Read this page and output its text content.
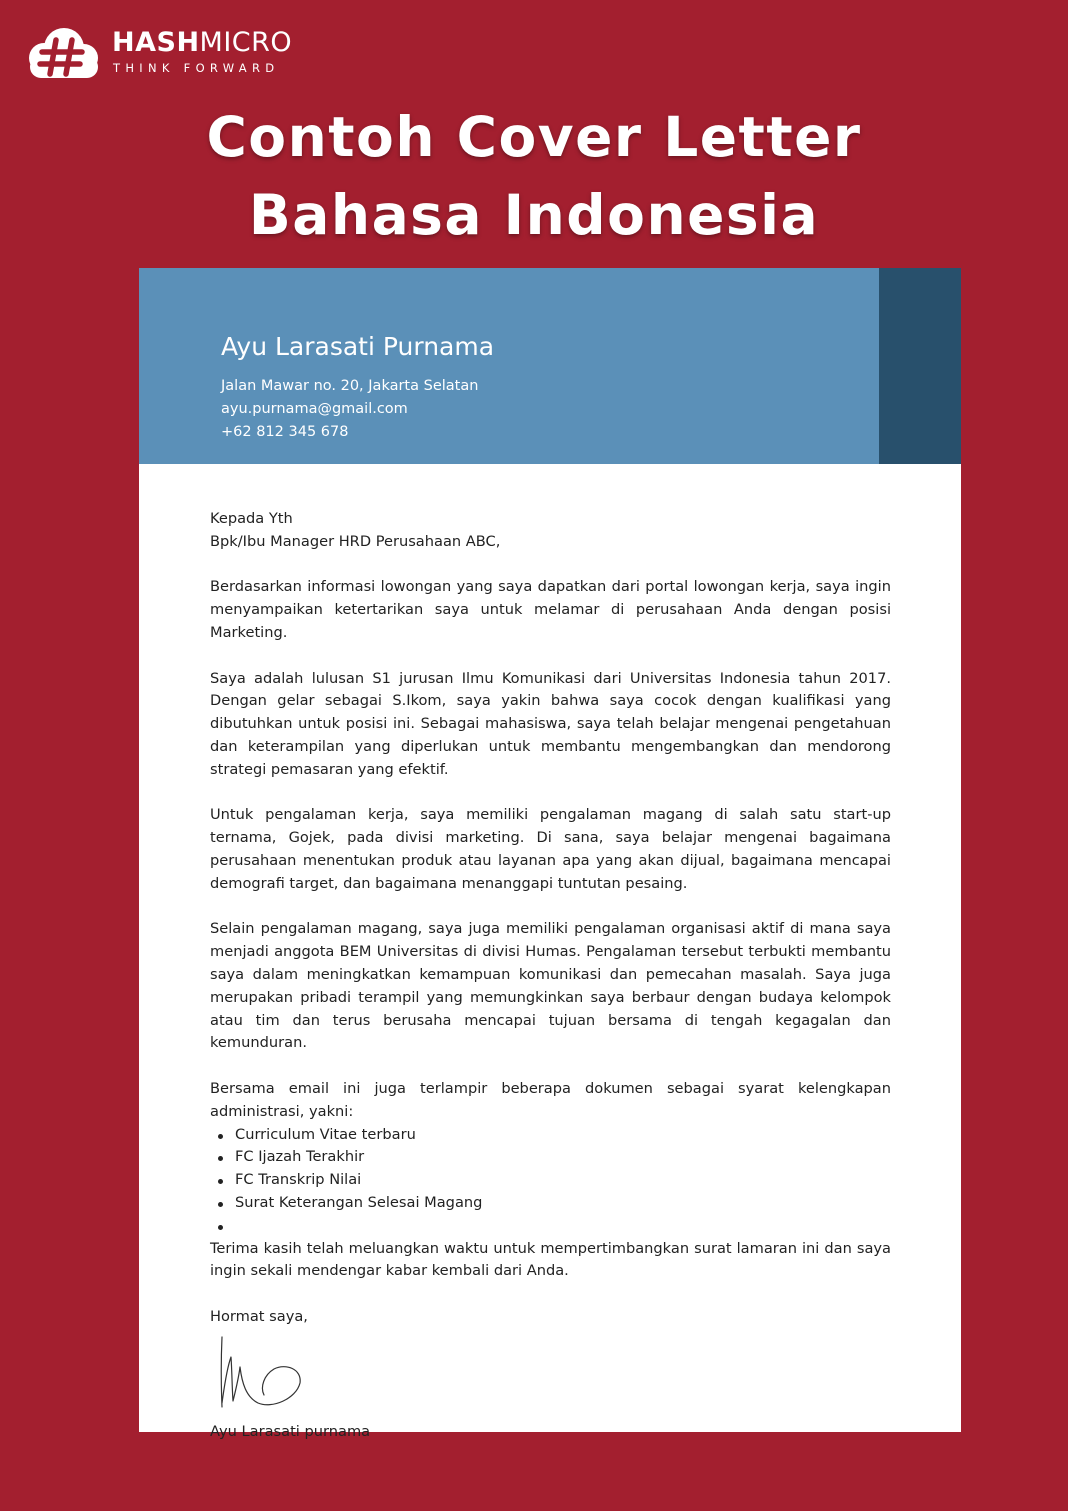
HASHMICRO
THINK FORWARD
Contoh Cover Letter
Bahasa Indonesia
Ayu Larasati Purnama
Jalan Mawar no. 20, Jakarta Selatan
ayu.purnama@gmail.com
+62 812 345 678

Kepada Yth

Bpk/Ibu Manager HRD Perusahaan ABC,

Berdasarkan informasi lowongan yang saya dapatkan dari portal lowongan kerja, saya ingin menyampaikan ketertarikan saya untuk melamar di perusahaan Anda dengan posisi Marketing.

Saya adalah lulusan S1 jurusan Ilmu Komunikasi dari Universitas Indonesia tahun 2017. Dengan gelar sebagai S.Ikom, saya yakin bahwa saya cocok dengan kualifikasi yang dibutuhkan untuk posisi ini. Sebagai mahasiswa, saya telah belajar mengenai pengetahuan dan keterampilan yang diperlukan untuk membantu mengembangkan dan mendorong strategi pemasaran yang efektif.

Untuk pengalaman kerja, saya memiliki pengalaman magang di salah satu start-up ternama, Gojek, pada divisi marketing. Di sana, saya belajar mengenai bagaimana perusahaan menentukan produk atau layanan apa yang akan dijual, bagaimana mencapai demografi target, dan bagaimana menanggapi tuntutan pesaing.

Selain pengalaman magang, saya juga memiliki pengalaman organisasi aktif di mana saya menjadi anggota BEM Universitas di divisi Humas. Pengalaman tersebut terbukti membantu saya dalam meningkatkan kemampuan komunikasi dan pemecahan masalah. Saya juga merupakan pribadi terampil yang memungkinkan saya berbaur dengan budaya kelompok atau tim dan terus berusaha mencapai tujuan bersama di tengah kegagalan dan kemunduran.

Bersama email ini juga terlampir beberapa dokumen sebagai syarat kelengkapan administrasi, yakni:

Curriculum Vitae terbaru
FC Ijazah Terakhir
FC Transkrip Nilai
Surat Keterangan Selesai Magang

Terima kasih telah meluangkan waktu untuk mempertimbangkan surat lamaran ini dan saya ingin sekali mendengar kabar kembali dari Anda.

Hormat saya,

Ayu Larasati purnama
